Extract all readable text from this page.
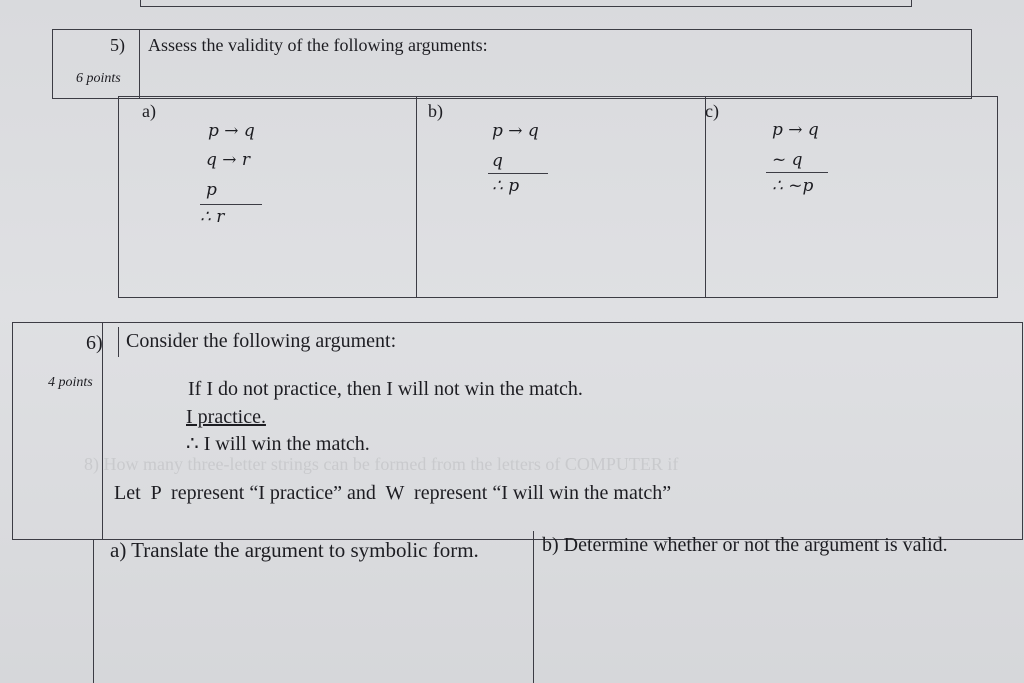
5) Assess the validity of the following arguments:
6 points
a)
p → q
q → r
p
∴ r
b)
p → q
q
∴ p
c)
p → q
~ q
∴ ~p
6) Consider the following argument:
4 points	If I do not practice, then I will not win the match.
I practice.
∴ I will win the match.
8) How many three-letter strings can be formed from the letters of COMPUTER if
Let  P  represent “I practice” and  W  represent “I will win the match”
a) Translate the argument to symbolic form.	b) Determine whether or not the argument is valid.
